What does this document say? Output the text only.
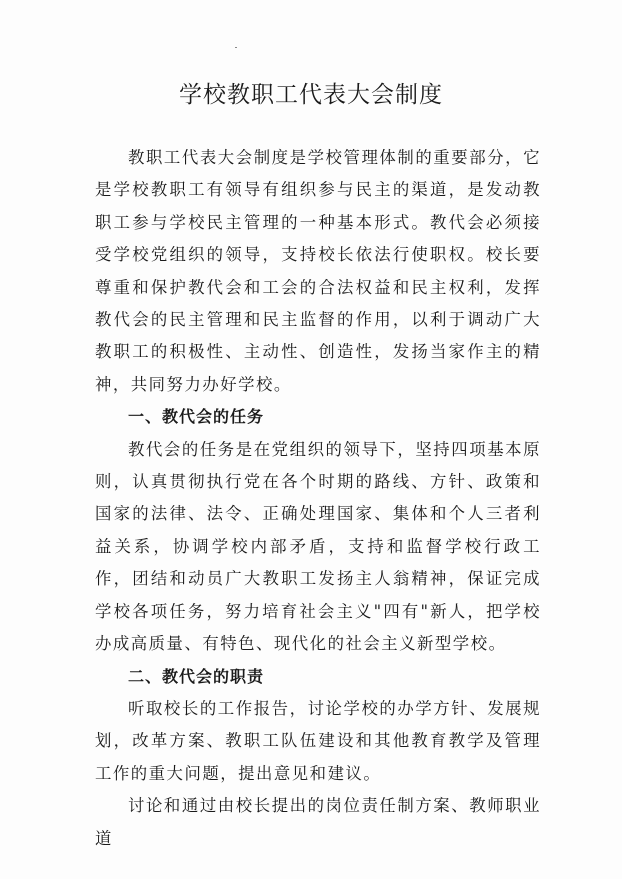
学校教职工代表大会制度

教职工代表大会制度是学校管理体制的重要部分，它是学校教职工有领导有组织参与民主的渠道，是发动教职工参与学校民主管理的一种基本形式。教代会必须接受学校党组织的领导，支持校长依法行使职权。校长要尊重和保护教代会和工会的合法权益和民主权利，发挥教代会的民主管理和民主监督的作用，以利于调动广大教职工的积极性、主动性、创造性，发扬当家作主的精神，共同努力办好学校。

一、教代会的任务

教代会的任务是在党组织的领导下，坚持四项基本原则，认真贯彻执行党在各个时期的路线、方针、政策和国家的法律、法令、正确处理国家、集体和个人三者利益关系，协调学校内部矛盾，支持和监督学校行政工作，团结和动员广大教职工发扬主人翁精神，保证完成学校各项任务，努力培育社会主义"四有"新人，把学校办成高质量、有特色、现代化的社会主义新型学校。

二、教代会的职责

听取校长的工作报告，讨论学校的办学方针、发展规划，改革方案、教职工队伍建设和其他教育教学及管理工作的重大问题，提出意见和建议。

讨论和通过由校长提出的岗位责任制方案、教师职业道
